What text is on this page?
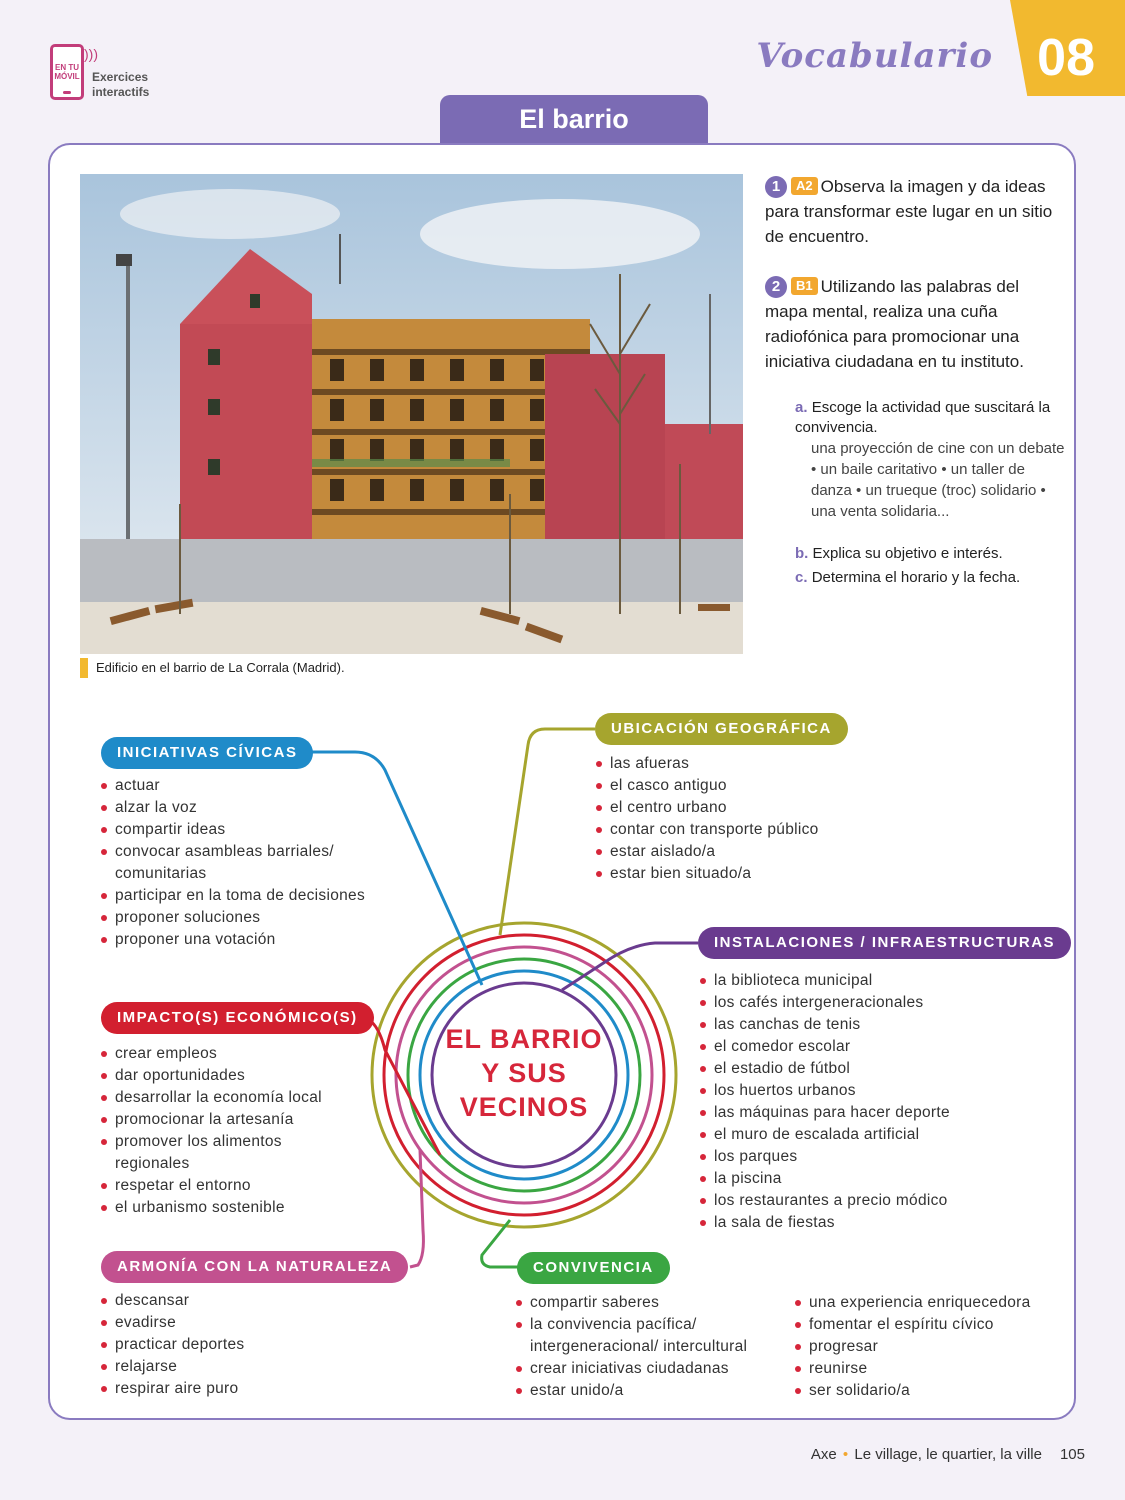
EN TU MÓVIL
)))
Exercices
interactifs
Vocabulario 08
El barrio
Edificio en el barrio de La Corrala (Madrid).
1 A2 Observa la imagen y da ideas para transformar este lugar en un sitio de encuentro.
2 B1 Utilizando las palabras del mapa mental, realiza una cuña radiofónica para promocionar una iniciativa ciudadana en tu instituto.
a. Escoge la actividad que suscitará la convivencia.
una proyección de cine con un debate • un baile caritativo • un taller de danza • un trueque (troc) solidario • una venta solidaria...
b. Explica su objetivo e interés.
c. Determina el horario y la fecha.
EL BARRIO
Y SUS
VECINOS
INICIATIVAS CÍVICAS
actuar
alzar la voz
compartir ideas
convocar asambleas barriales/ comunitarias
participar en la toma de decisiones
proponer soluciones
proponer una votación
UBICACIÓN GEOGRÁFICA
las afueras
el casco antiguo
el centro urbano
contar con transporte público
estar aislado/a
estar bien situado/a
INSTALACIONES / INFRAESTRUCTURAS
la biblioteca municipal
los cafés intergeneracionales
las canchas de tenis
el comedor escolar
el estadio de fútbol
los huertos urbanos
las máquinas para hacer deporte
el muro de escalada artificial
los parques
la piscina
los restaurantes a precio módico
la sala de fiestas
IMPACTO(S) ECONÓMICO(S)
crear empleos
dar oportunidades
desarrollar la economía local
promocionar la artesanía
promover los alimentos regionales
respetar el entorno
el urbanismo sostenible
ARMONÍA CON LA NATURALEZA
descansar
evadirse
practicar deportes
relajarse
respirar aire puro
CONVIVENCIA
compartir saberes
la convivencia pacífica/ intergeneracional/ intercultural
crear iniciativas ciudadanas
estar unido/a
una experiencia enriquecedora
fomentar el espíritu cívico
progresar
reunirse
ser solidario/a
Axe • Le village, le quartier, la ville 105
